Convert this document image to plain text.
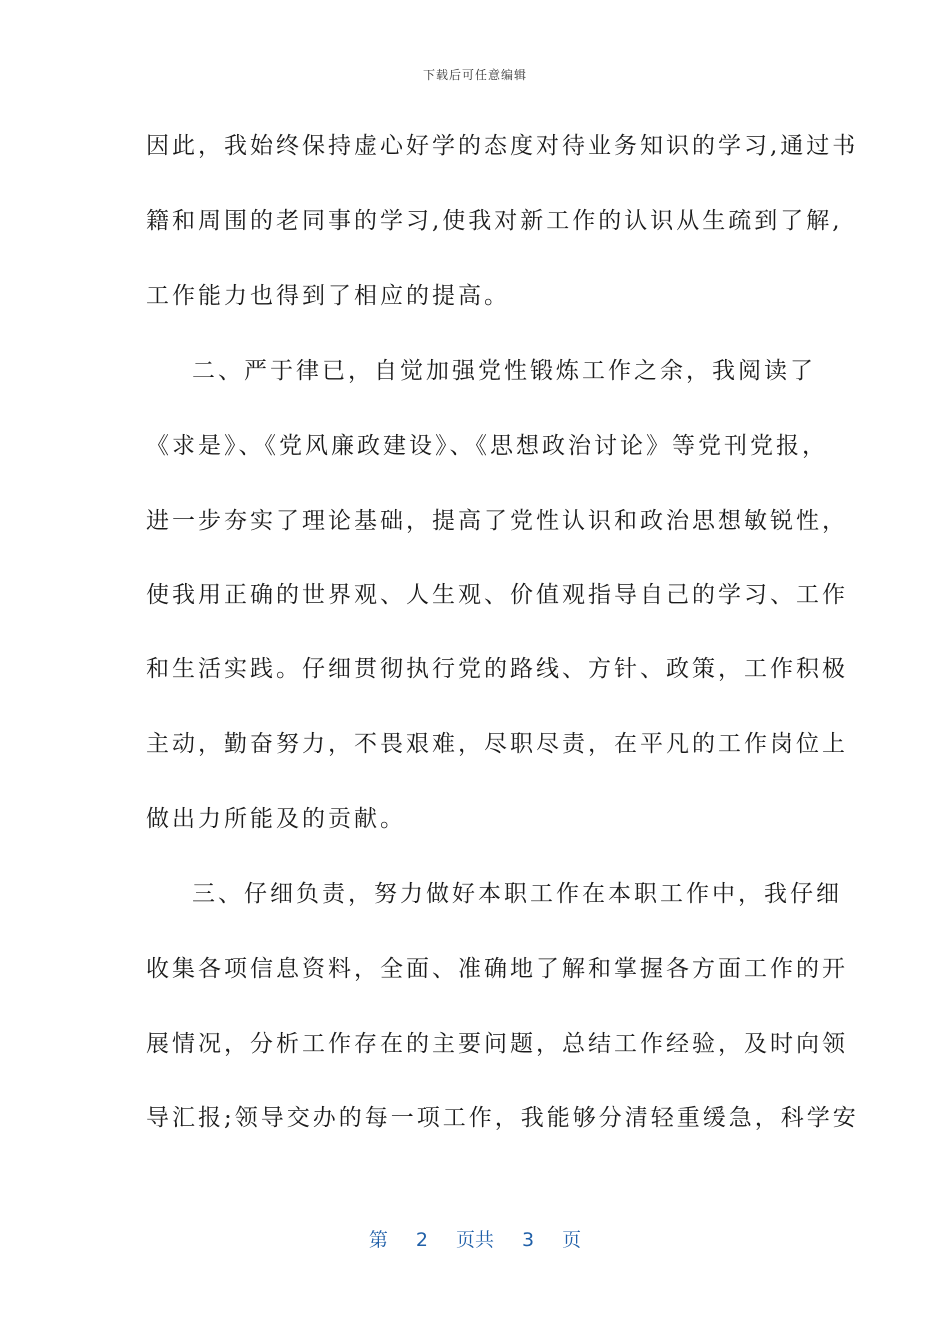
下载后可任意编辑
因此，我始终保持虚心好学的态度对待业务知识的学习,通过书
籍和周围的老同事的学习,使我对新工作的认识从生疏到了解,
工作能力也得到了相应的提高。
二、严于律已，自觉加强党性锻炼工作之余，我阅读了
《求是》、《党风廉政建设》、《思想政治讨论》等党刊党报，
进一步夯实了理论基础，提高了党性认识和政治思想敏锐性，
使我用正确的世界观、人生观、价值观指导自己的学习、工作
和生活实践。仔细贯彻执行党的路线、方针、政策，工作积极
主动，勤奋努力，不畏艰难，尽职尽责，在平凡的工作岗位上
做出力所能及的贡献。
三、仔细负责，努力做好本职工作在本职工作中，我仔细
收集各项信息资料，全面、准确地了解和掌握各方面工作的开
展情况，分析工作存在的主要问题，总结工作经验，及时向领
导汇报;领导交办的每一项工作，我能够分清轻重缓急，科学安
第 2 页共 3 页
